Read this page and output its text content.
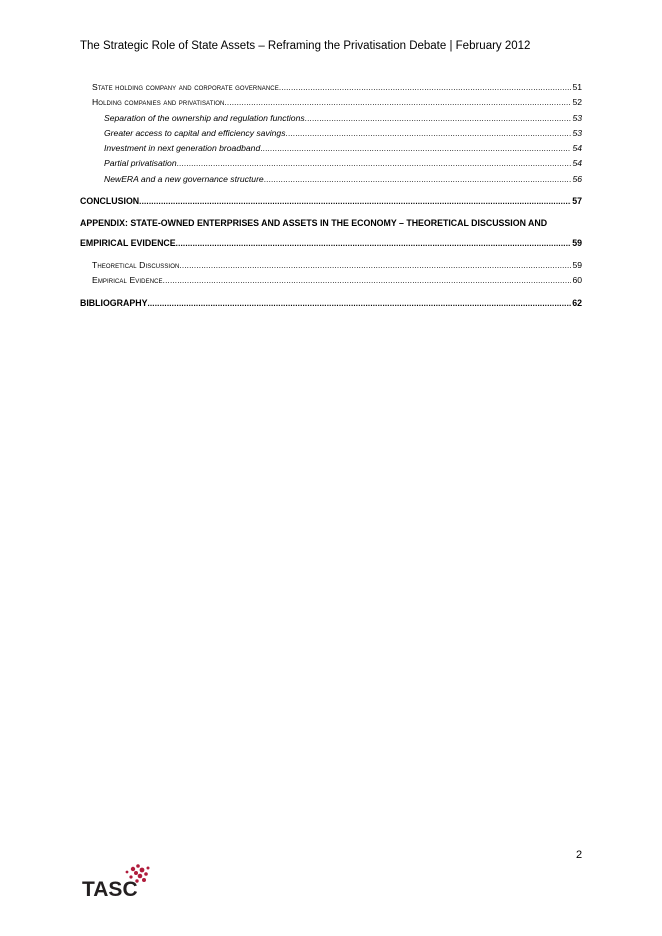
The Strategic Role of State Assets – Reframing the Privatisation Debate | February 2012
State holding company and corporate governance .....	51
Holding companies and privatisation .....	52
Separation of the ownership and regulation functions .....	53
Greater access to capital and efficiency savings .....	53
Investment in next generation broadband .....	54
Partial privatisation .....	54
NewERA and a new governance structure .....	56
CONCLUSION .....	57
APPENDIX: STATE-OWNED ENTERPRISES AND ASSETS IN THE ECONOMY – THEORETICAL DISCUSSION AND
EMPIRICAL EVIDENCE .....	59
Theoretical Discussion .....	59
Empirical Evidence .....	60
BIBLIOGRAPHY .....	62
2
TASC
